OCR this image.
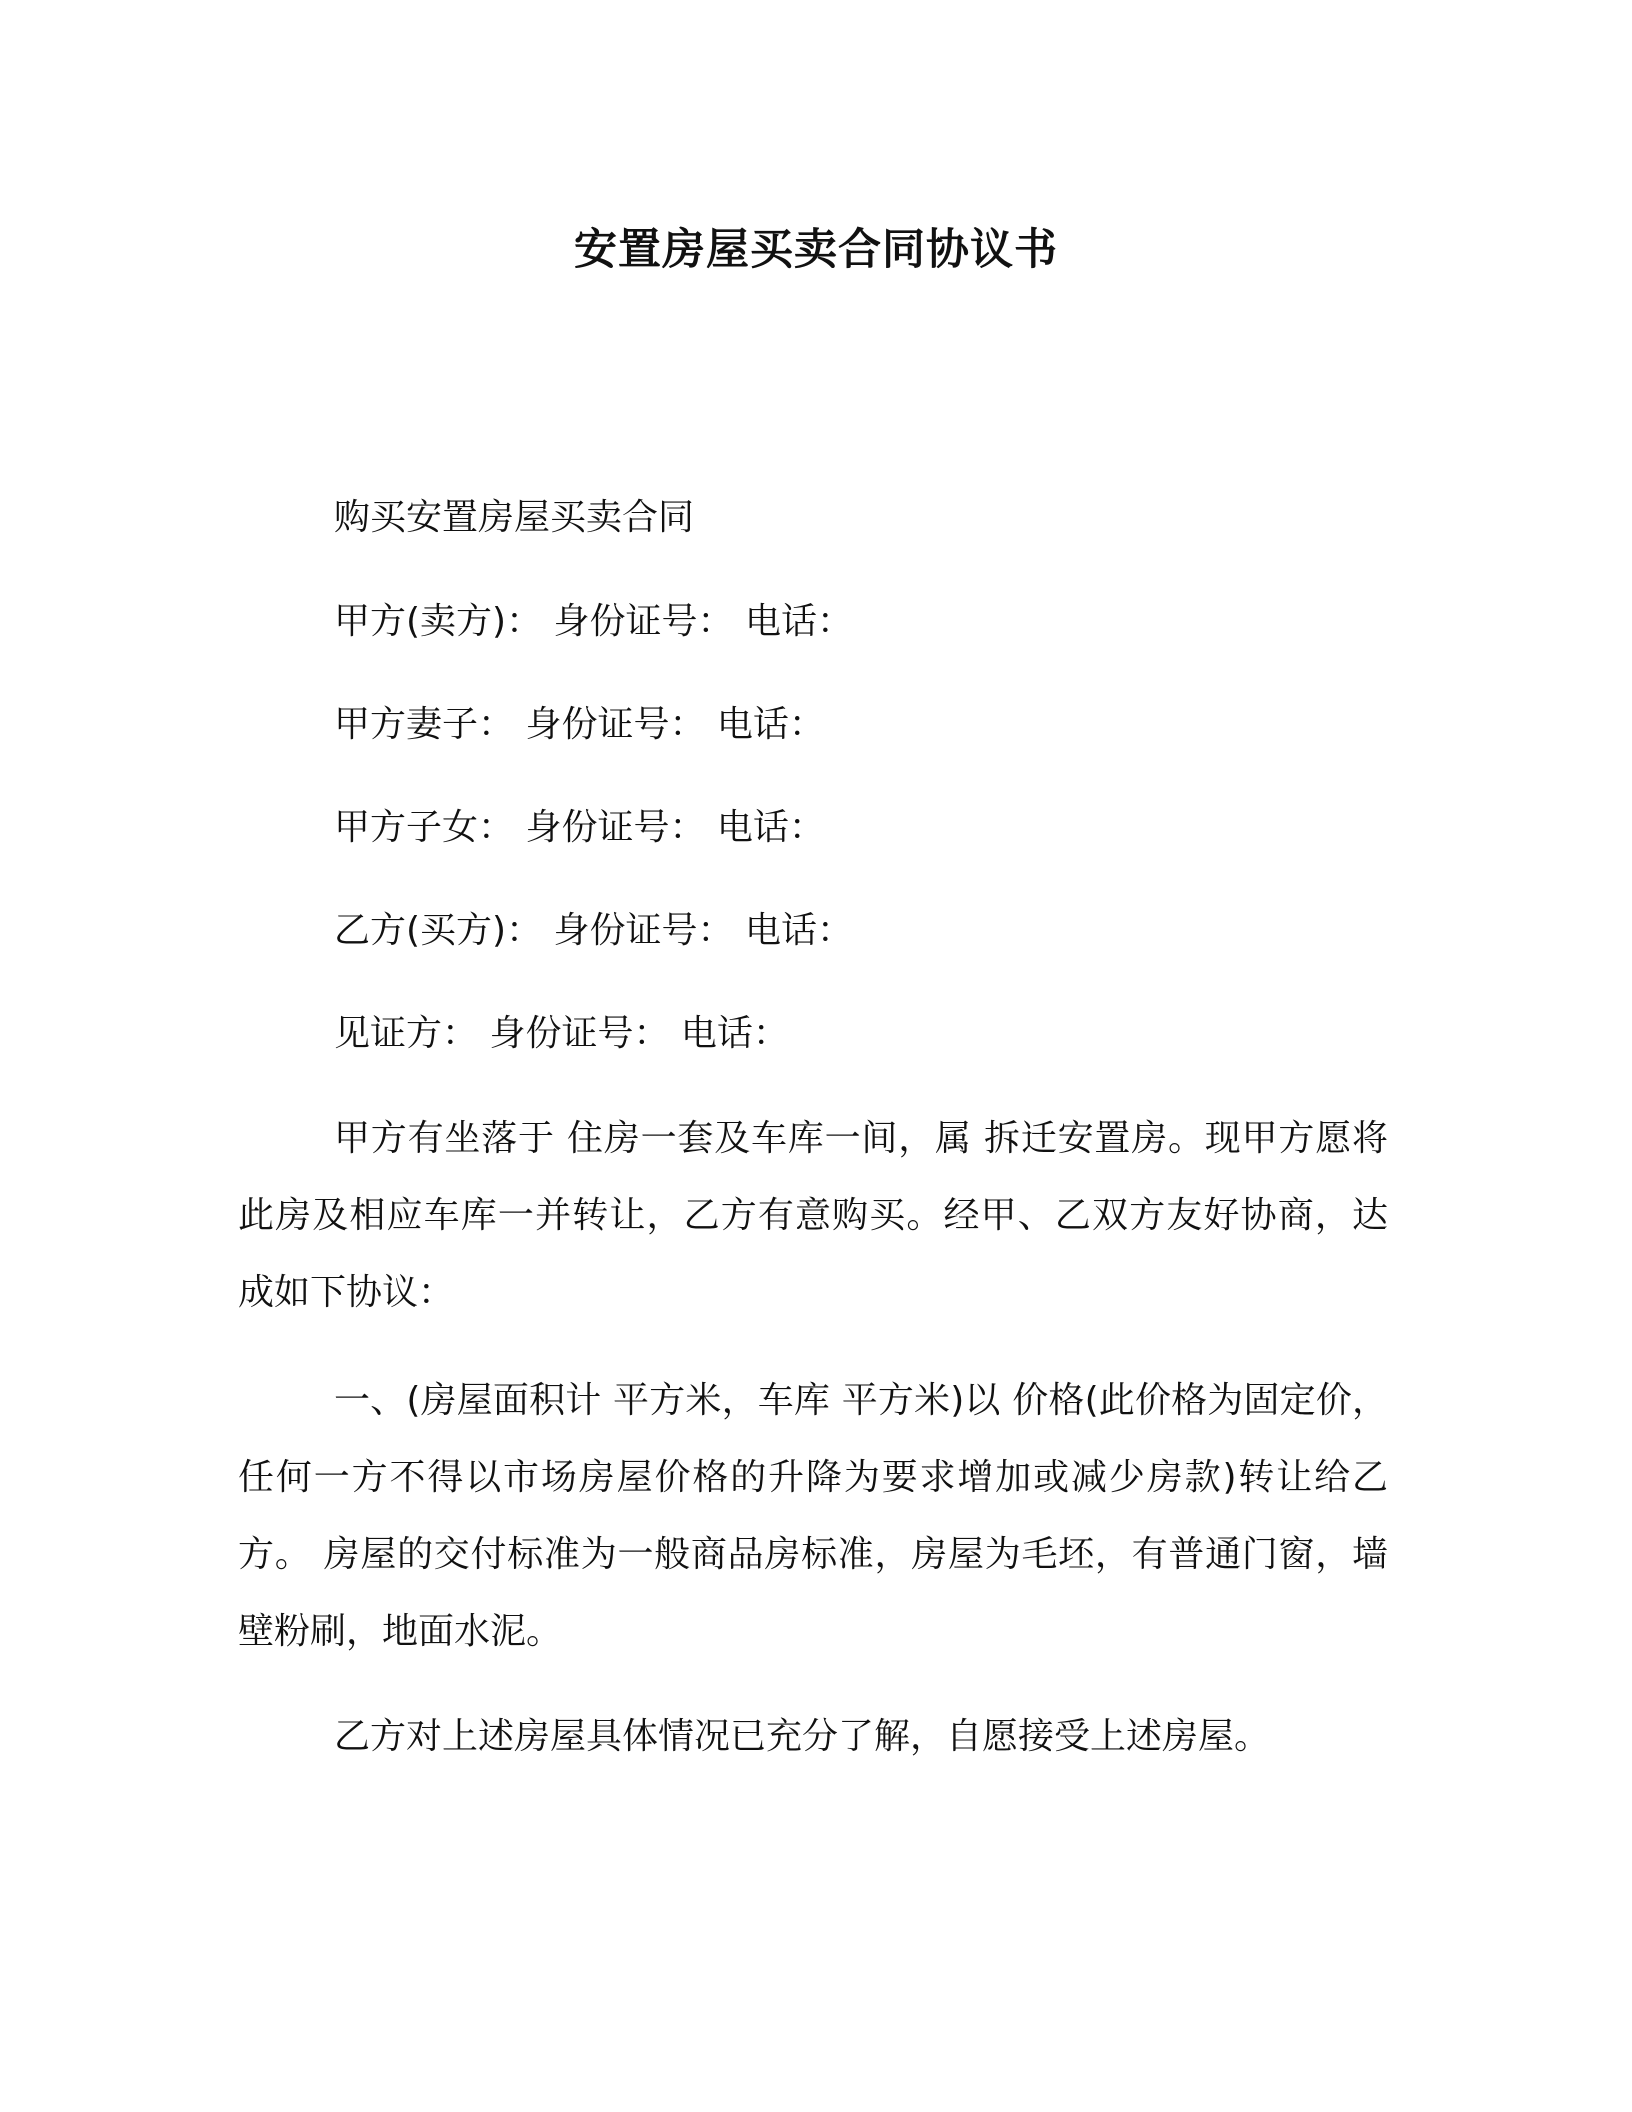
安置房屋买卖合同协议书
购买安置房屋买卖合同
甲方(卖方)： 身份证号： 电话：
甲方妻子： 身份证号： 电话：
甲方子女： 身份证号： 电话：
乙方(买方)： 身份证号： 电话：
见证方： 身份证号： 电话：
甲方有坐落于 住房一套及车库一间，属 拆迁安置房。现甲方愿将此房及相应车库一并转让，乙方有意购买。经甲、乙双方友好协商，达成如下协议：
一、(房屋面积计 平方米，车库 平方米)以 价格(此价格为固定价，任何一方不得以市场房屋价格的升降为要求增加或减少房款)转让给乙方。 房屋的交付标准为一般商品房标准，房屋为毛坯，有普通门窗，墙壁粉刷，地面水泥。
乙方对上述房屋具体情况已充分了解，自愿接受上述房屋。
